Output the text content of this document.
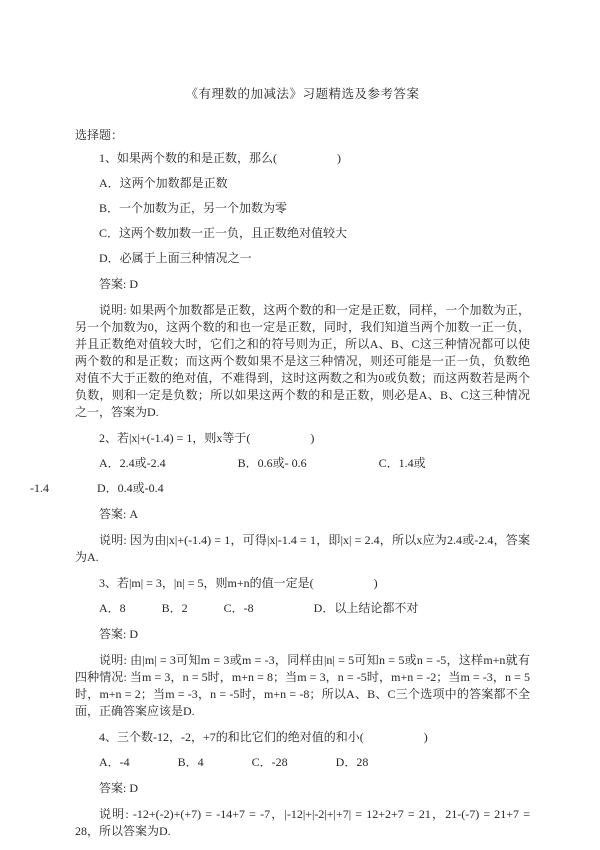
《有理数的加减法》习题精选及参考答案

选择题：

1、如果两个数的和是正数，那么(　　　　　)

A．这两个加数都是正数

B．一个加数为正，另一个加数为零

C．这两个数加数一正一负，且正数绝对值较大

D．必属于上面三种情况之一

答案: D

说明: 如果两个加数都是正数，这两个数的和一定是正数，同样，一个加数为正，另一个加数为0，这两个数的和也一定是正数，同时，我们知道当两个加数一正一负，并且正数绝对值较大时，它们之和的符号则为正，所以A、B、C这三种情况都可以使两个数的和是正数；而这两个数如果不是这三种情况，则还可能是一正一负，负数绝对值不大于正数的绝对值，不难得到，这时这两数之和为0或负数；而这两数若是两个负数，则和一定是负数；所以如果这两个数的和是正数，则必是A、B、C这三种情况之一，答案为D.

2、若|x|+(-1.4) = 1，则x等于(　　　　　)

A．2.4或-2.4　　　　　　B．0.6或- 0.6　　　　　　C．1.4或

-1.4　　　　D．0.4或-0.4

答案: A

说明: 因为由|x|+(-1.4) = 1，可得|x|-1.4 = 1，即|x| = 2.4，所以x应为2.4或-2.4，答案为A.

3、若|m| = 3，|n| = 5，则m+n的值一定是(　　　　　)

A．8　　　B．2　　　C．-8　　　　　D．以上结论都不对

答案: D

说明: 由|m| = 3可知m = 3或m = -3，同样由|n| = 5可知n = 5或n = -5，这样m+n就有四种情况: 当m = 3，n = 5时，m+n = 8；当m = 3，n = -5时，m+n = -2；当m = -3，n = 5时，m+n = 2；当m = -3，n = -5时，m+n = -8；所以A、B、C三个选项中的答案都不全面，正确答案应该是D.

4、三个数-12，-2，+7的和比它们的绝对值的和小(　　　　　)

A．-4　　　　B．4　　　　C．-28　　　　D．28

答案: D

说明: -12+(-2)+(+7) = -14+7 = -7，|-12|+|-2|+|+7| = 12+2+7 = 21，21-(-7) = 21+7 = 28，所以答案为D.
